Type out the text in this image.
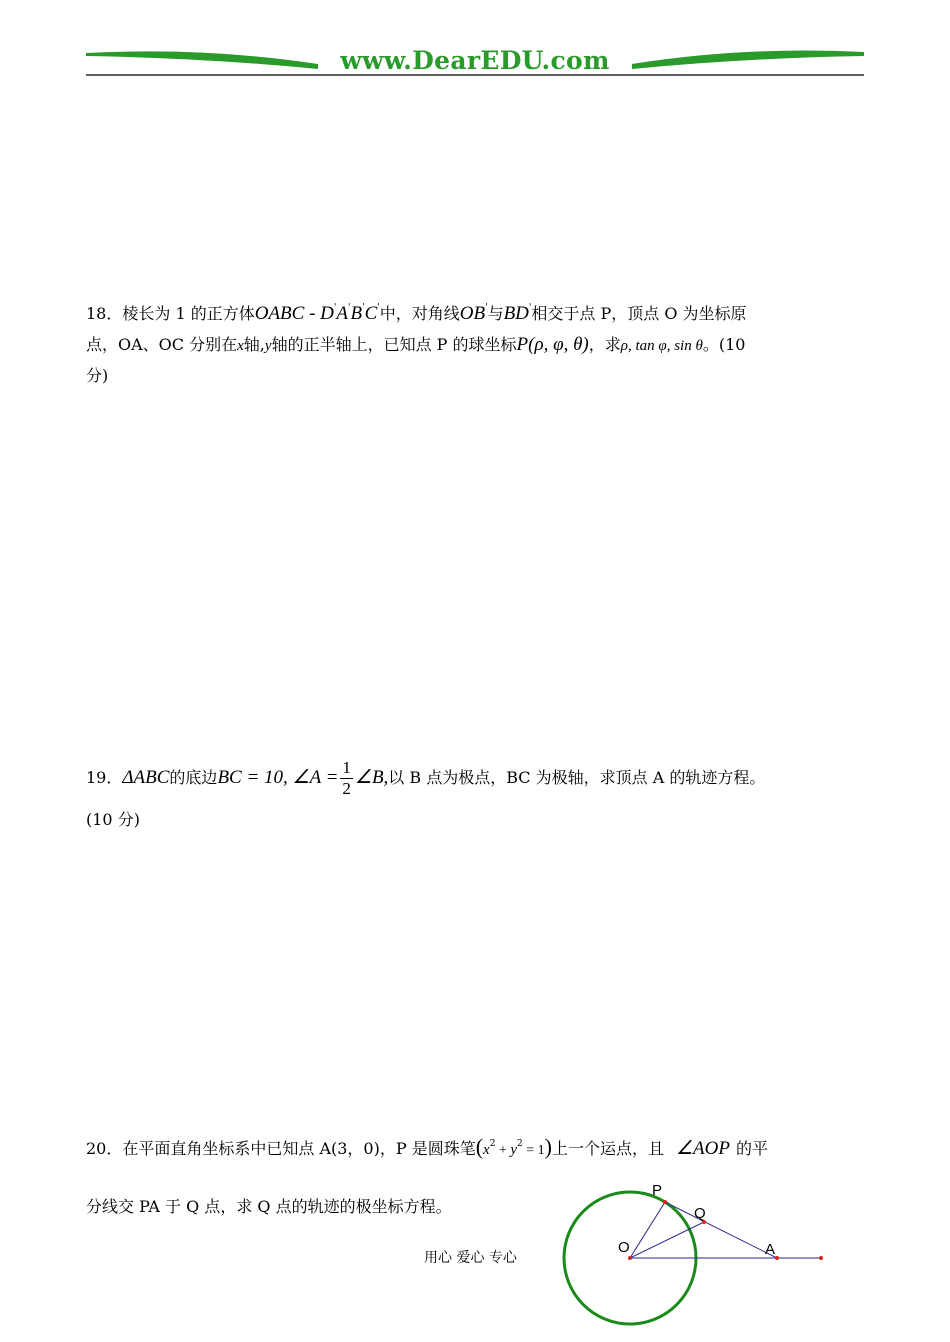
www.DearEDU.com
18．棱长为 1 的正方体OABC - D'A'B'C'中，对角线OB'与BD'相交于点 P，顶点 O 为坐标原
点，OA、OC 分别在x轴,y轴的正半轴上，已知点 P 的球坐标P(ρ, φ, θ)，求ρ, tan φ, sin θ。(10
分)
19．ΔABC的底边BC = 10, ∠A = $\frac{1}{2}$ ∠B,以 B 点为极点，BC 为极轴，求顶点 A 的轨迹方程。
(10 分)
20．在平面直角坐标系中已知点 A(3，0)，P 是圆珠笔$(x^2 + y^2 = 1)$上一个运点，且 ∠AOP 的平
分线交 PA 于 Q 点，求 Q 点的轨迹的极坐标方程。
P
Q
O	A
用心 爱心 专心
